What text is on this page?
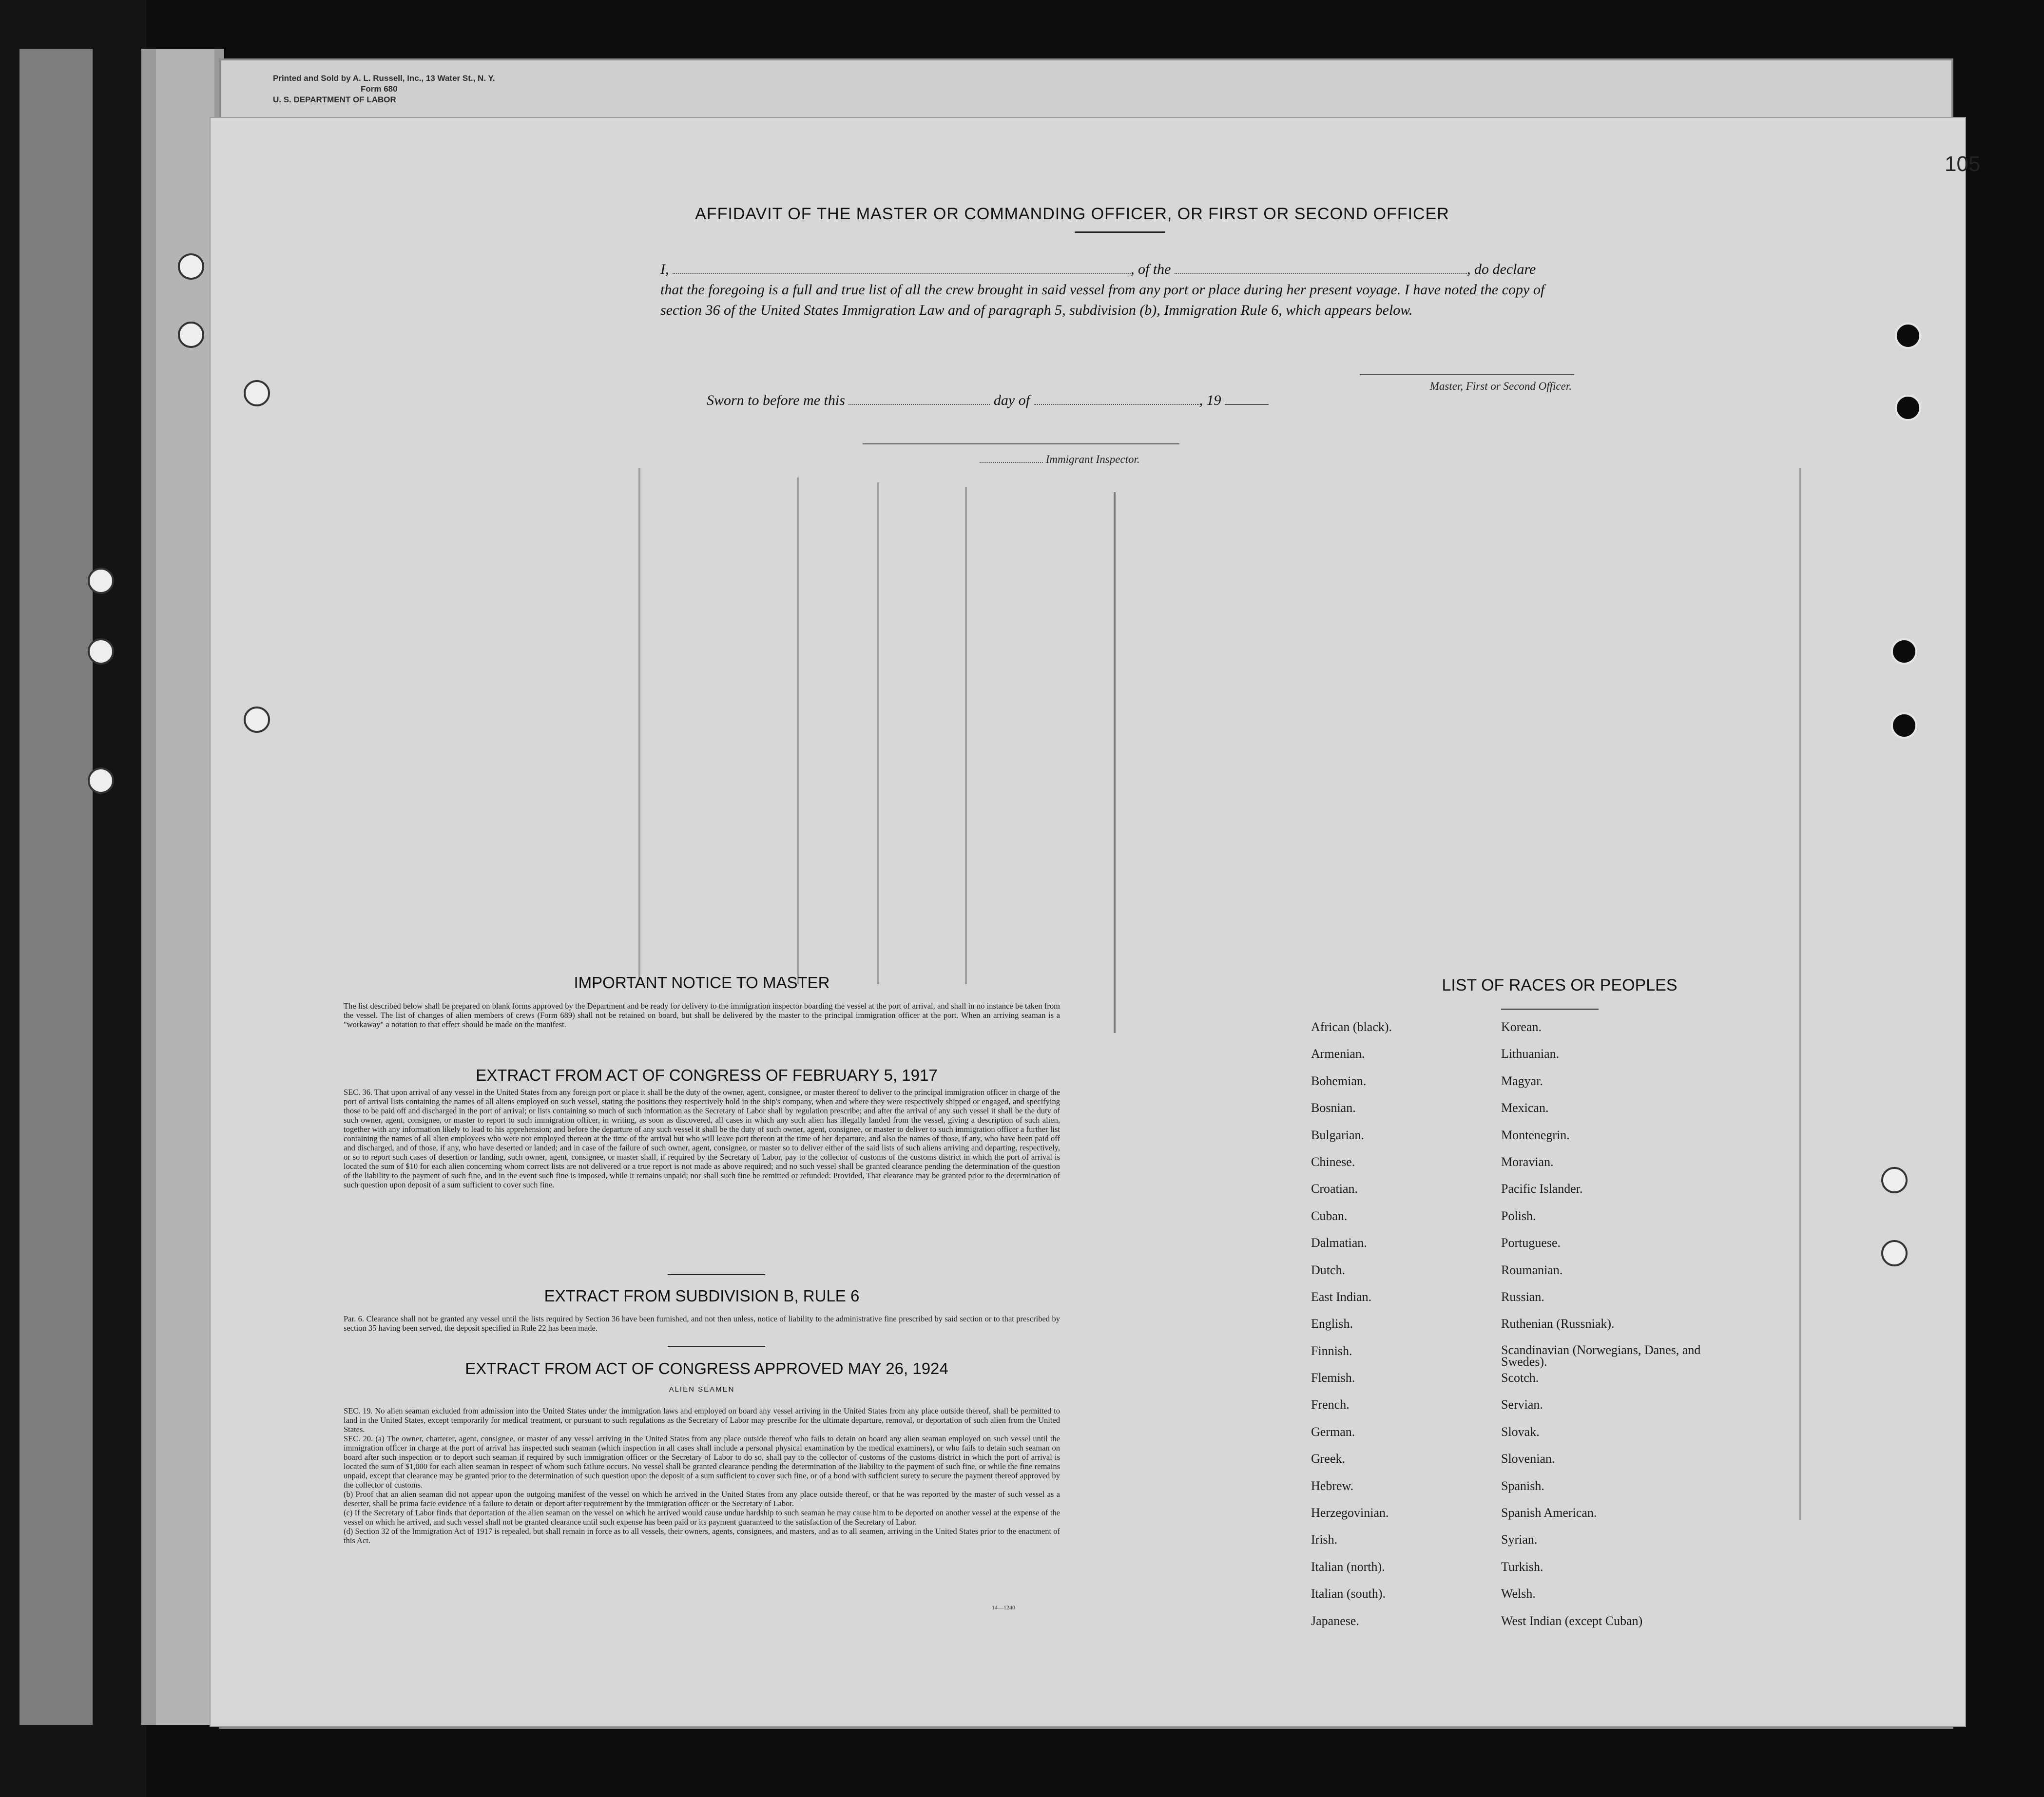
Printed and Sold by A. L. Russell, Inc., 13 Water St., N. Y.
Form 680
U. S. DEPARTMENT OF LABOR
105
AFFIDAVIT OF THE MASTER OR COMMANDING OFFICER, OR FIRST OR SECOND OFFICER
I,	, of the	, do declare
that the foregoing is a full and true list of all the crew brought in said vessel from any port or place during her present voyage. I have noted the copy of section 36 of the United States Immigration Law and of paragraph 5, subdivision (b), Immigration Rule 6, which appears below.
Master, First or Second Officer.
Sworn to before me this	day of	, 19
Immigrant Inspector.
IMPORTANT NOTICE TO MASTER
The list described below shall be prepared on blank forms approved by the Department and be ready for delivery to the immigration inspector boarding the vessel at the port of arrival, and shall in no instance be taken from the vessel. The list of changes of alien members of crews (Form 689) shall not be retained on board, but shall be delivered by the master to the principal immigration officer at the port. When an arriving seaman is a "workaway" a notation to that effect should be made on the manifest.
EXTRACT FROM ACT OF CONGRESS OF FEBRUARY 5, 1917
SEC. 36. That upon arrival of any vessel in the United States from any foreign port or place it shall be the duty of the owner, agent, consignee, or master thereof to deliver to the principal immigration officer in charge of the port of arrival lists containing the names of all aliens employed on such vessel, stating the positions they respectively hold in the ship's company, when and where they were respectively shipped or engaged, and specifying those to be paid off and discharged in the port of arrival; or lists containing so much of such information as the Secretary of Labor shall by regulation prescribe; and after the arrival of any such vessel it shall be the duty of such owner, agent, consignee, or master to report to such immigration officer, in writing, as soon as discovered, all cases in which any such alien has illegally landed from the vessel, giving a description of such alien, together with any information likely to lead to his apprehension; and before the departure of any such vessel it shall be the duty of such owner, agent, consignee, or master to deliver to such immigration officer a further list containing the names of all alien employees who were not employed thereon at the time of the arrival but who will leave port thereon at the time of her departure, and also the names of those, if any, who have been paid off and discharged, and of those, if any, who have deserted or landed; and in case of the failure of such owner, agent, consignee, or master so to deliver either of the said lists of such aliens arriving and departing, respectively, or so to report such cases of desertion or landing, such owner, agent, consignee, or master shall, if required by the Secretary of Labor, pay to the collector of customs of the customs district in which the port of arrival is located the sum of $10 for each alien concerning whom correct lists are not delivered or a true report is not made as above required; and no such vessel shall be granted clearance pending the determination of the question of the liability to the payment of such fine, and in the event such fine is imposed, while it remains unpaid; nor shall such fine be remitted or refunded: Provided, That clearance may be granted prior to the determination of such question upon deposit of a sum sufficient to cover such fine.
EXTRACT FROM SUBDIVISION B, RULE 6
Par. 6. Clearance shall not be granted any vessel until the lists required by Section 36 have been furnished, and not then unless, notice of liability to the administrative fine prescribed by said section or to that prescribed by section 35 having been served, the deposit specified in Rule 22 has been made.
EXTRACT FROM ACT OF CONGRESS APPROVED MAY 26, 1924
ALIEN SEAMEN
SEC. 19. No alien seaman excluded from admission into the United States under the immigration laws and employed on board any vessel arriving in the United States from any place outside thereof, shall be permitted to land in the United States, except temporarily for medical treatment, or pursuant to such regulations as the Secretary of Labor may prescribe for the ultimate departure, removal, or deportation of such alien from the United States.
SEC. 20. (a) The owner, charterer, agent, consignee, or master of any vessel arriving in the United States from any place outside thereof who fails to detain on board any alien seaman employed on such vessel until the immigration officer in charge at the port of arrival has inspected such seaman (which inspection in all cases shall include a personal physical examination by the medical examiners), or who fails to detain such seaman on board after such inspection or to deport such seaman if required by such immigration officer or the Secretary of Labor to do so, shall pay to the collector of customs of the customs district in which the port of arrival is located the sum of $1,000 for each alien seaman in respect of whom such failure occurs. No vessel shall be granted clearance pending the determination of the liability to the payment of such fine, or while the fine remains unpaid, except that clearance may be granted prior to the determination of such question upon the deposit of a sum sufficient to cover such fine, or of a bond with sufficient surety to secure the payment thereof approved by the collector of customs.
(b) Proof that an alien seaman did not appear upon the outgoing manifest of the vessel on which he arrived in the United States from any place outside thereof, or that he was reported by the master of such vessel as a deserter, shall be prima facie evidence of a failure to detain or deport after requirement by the immigration officer or the Secretary of Labor.
(c) If the Secretary of Labor finds that deportation of the alien seaman on the vessel on which he arrived would cause undue hardship to such seaman he may cause him to be deported on another vessel at the expense of the vessel on which he arrived, and such vessel shall not be granted clearance until such expense has been paid or its payment guaranteed to the satisfaction of the Secretary of Labor.
(d) Section 32 of the Immigration Act of 1917 is repealed, but shall remain in force as to all vessels, their owners, agents, consignees, and masters, and as to all seamen, arriving in the United States prior to the enactment of this Act.
14—1240
LIST OF RACES OR PEOPLES
African (black).	Korean.
Armenian.	Lithuanian.
Bohemian.	Magyar.
Bosnian.	Mexican.
Bulgarian.	Montenegrin.
Chinese.	Moravian.
Croatian.	Pacific Islander.
Cuban.	Polish.
Dalmatian.	Portuguese.
Dutch.	Roumanian.
East Indian.	Russian.
English.	Ruthenian (Russniak).
Finnish.	Scandinavian (Norwegians, Danes, and Swedes).
Flemish.	Scotch.
French.	Servian.
German.	Slovak.
Greek.	Slovenian.
Hebrew.	Spanish.
Herzegovinian.	Spanish American.
Irish.	Syrian.
Italian (north).	Turkish.
Italian (south).	Welsh.
Japanese.	West Indian (except Cuban)
